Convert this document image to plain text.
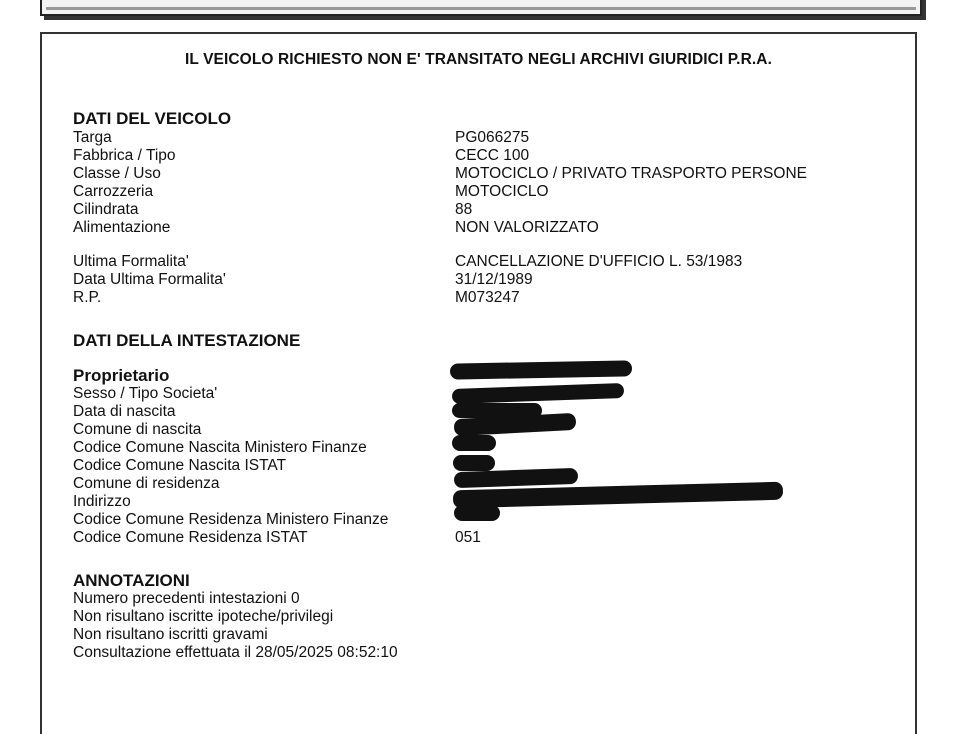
IL VEICOLO RICHIESTO NON E' TRANSITATO NEGLI ARCHIVI GIURIDICI P.R.A.
DATI DEL VEICOLO
Targa	PG066275
Fabbrica / Tipo	CECC 100
Classe / Uso	MOTOCICLO / PRIVATO TRASPORTO PERSONE
Carrozzeria	MOTOCICLO
Cilindrata	88
Alimentazione	NON VALORIZZATO
Ultima Formalita'	CANCELLAZIONE D'UFFICIO L. 53/1983
Data Ultima Formalita'	31/12/1989
R.P.	M073247
DATI DELLA INTESTAZIONE
Proprietario
Sesso / Tipo Societa'
Data di nascita
Comune di nascita
Codice Comune Nascita Ministero Finanze
Codice Comune Nascita ISTAT
Comune di residenza
Indirizzo
Codice Comune Residenza Ministero Finanze
Codice Comune Residenza ISTAT	051
ANNOTAZIONI
Numero precedenti intestazioni 0
Non risultano iscritte ipoteche/privilegi
Non risultano iscritti gravami
Consultazione effettuata il 28/05/2025 08:52:10
